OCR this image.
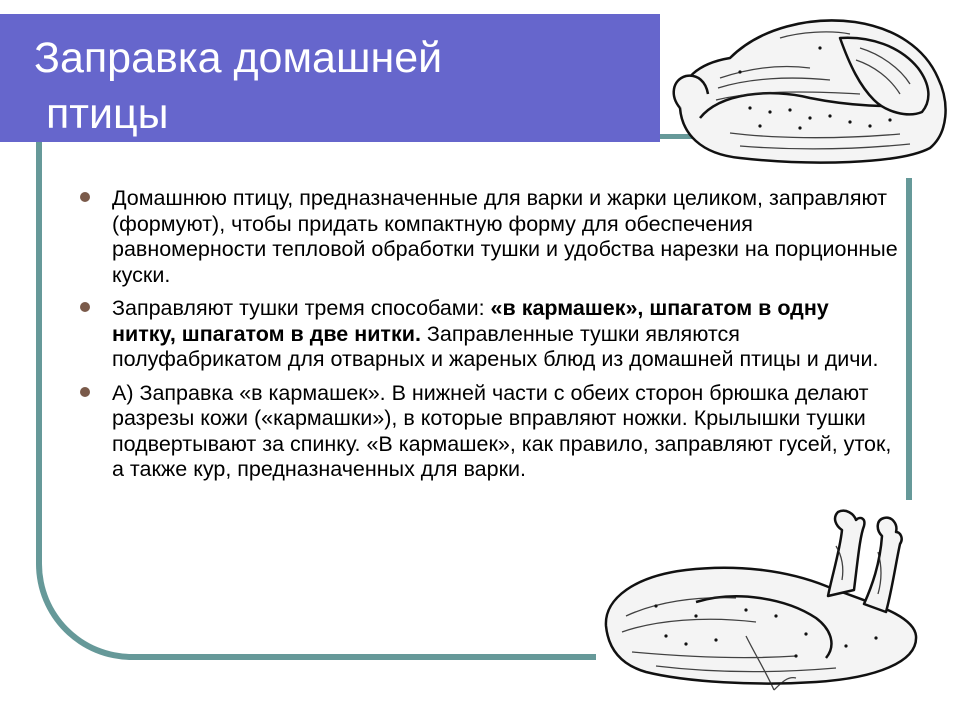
Заправка домашней
птицы
Домашнюю птицу, предназначенные для варки и жарки целиком, заправляют (формуют), чтобы придать компактную форму для обеспечения равномерности тепловой обработки тушки и удобства нарезки на порционные куски.
Заправляют тушки тремя способами: «в кармашек», шпагатом в одну нитку, шпагатом в две нитки. Заправленные тушки являются полуфабрикатом для отварных и жареных блюд из домашней птицы и дичи.
А) Заправка «в кармашек». В нижней части с обеих сторон брюшка делают разрезы кожи («кармашки»), в которые вправляют ножки. Крылышки тушки подвертывают за спинку. «В кармашек», как правило, заправляют гусей, уток, а также кур, предназначенных для варки.
